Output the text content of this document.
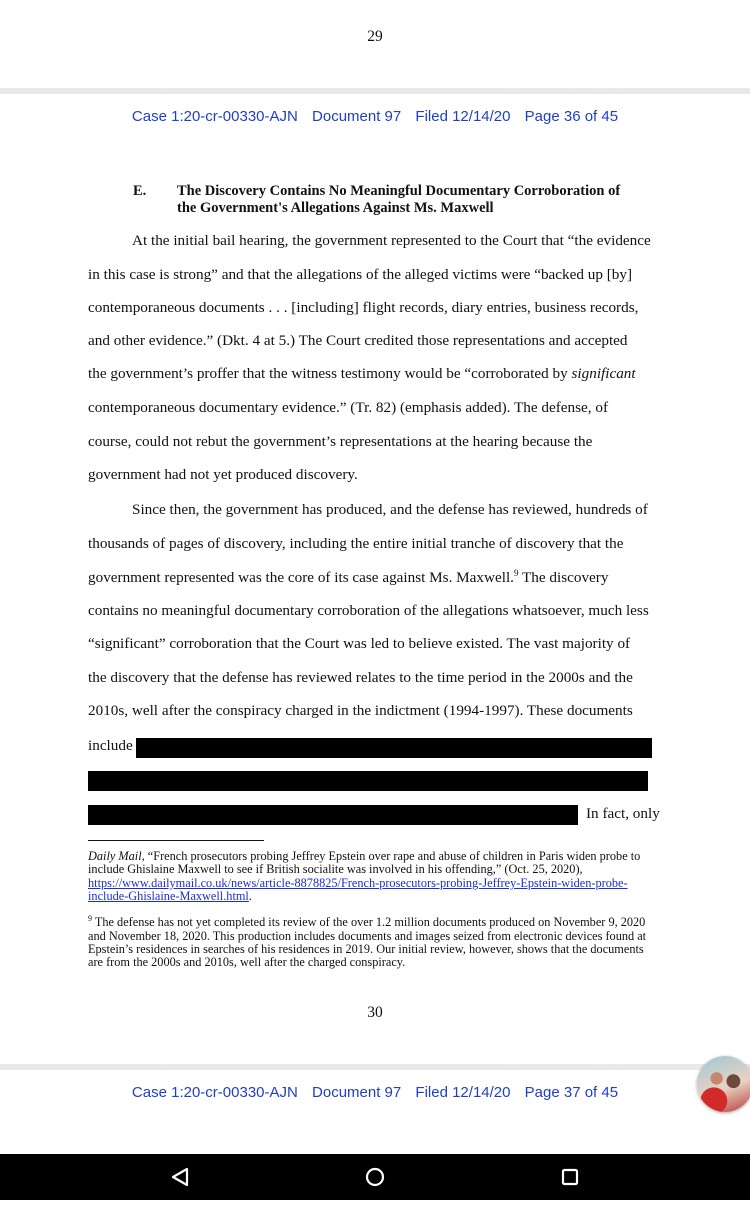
29
Case 1:20-cr-00330-AJN Document 97 Filed 12/14/20 Page 36 of 45
E. The Discovery Contains No Meaningful Documentary Corroboration of
the Government's Allegations Against Ms. Maxwell
At the initial bail hearing, the government represented to the Court that “the evidence
in this case is strong” and that the allegations of the alleged victims were “backed up [by]
contemporaneous documents . . . [including] flight records, diary entries, business records,
and other evidence.” (Dkt. 4 at 5.) The Court credited those representations and accepted
the government’s proffer that the witness testimony would be “corroborated by significant
contemporaneous documentary evidence.” (Tr. 82) (emphasis added). The defense, of
course, could not rebut the government’s representations at the hearing because the
government had not yet produced discovery.
Since then, the government has produced, and the defense has reviewed, hundreds of
thousands of pages of discovery, including the entire initial tranche of discovery that the
government represented was the core of its case against Ms. Maxwell.$^9$ The discovery
contains no meaningful documentary corroboration of the allegations whatsoever, much less
“significant” corroboration that the Court was led to believe existed. The vast majority of
the discovery that the defense has reviewed relates to the time period in the 2000s and the
2010s, well after the conspiracy charged in the indictment (1994-1997). These documents
include
In fact, only
Daily Mail, “French prosecutors probing Jeffrey Epstein over rape and abuse of children in Paris widen probe to
include Ghislaine Maxwell to see if British socialite was involved in his offending,” (Oct. 25, 2020),
https://www.dailymail.co.uk/news/article-8878825/French-prosecutors-probing-Jeffrey-Epstein-widen-probe-
include-Ghislaine-Maxwell.html.
$^9$ The defense has not yet completed its review of the over 1.2 million documents produced on November 9, 2020
and November 18, 2020. This production includes documents and images seized from electronic devices found at
Epstein’s residences in searches of his residences in 2019. Our initial review, however, shows that the documents
are from the 2000s and 2010s, well after the charged conspiracy.
30
Case 1:20-cr-00330-AJN Document 97 Filed 12/14/20 Page 37 of 45
